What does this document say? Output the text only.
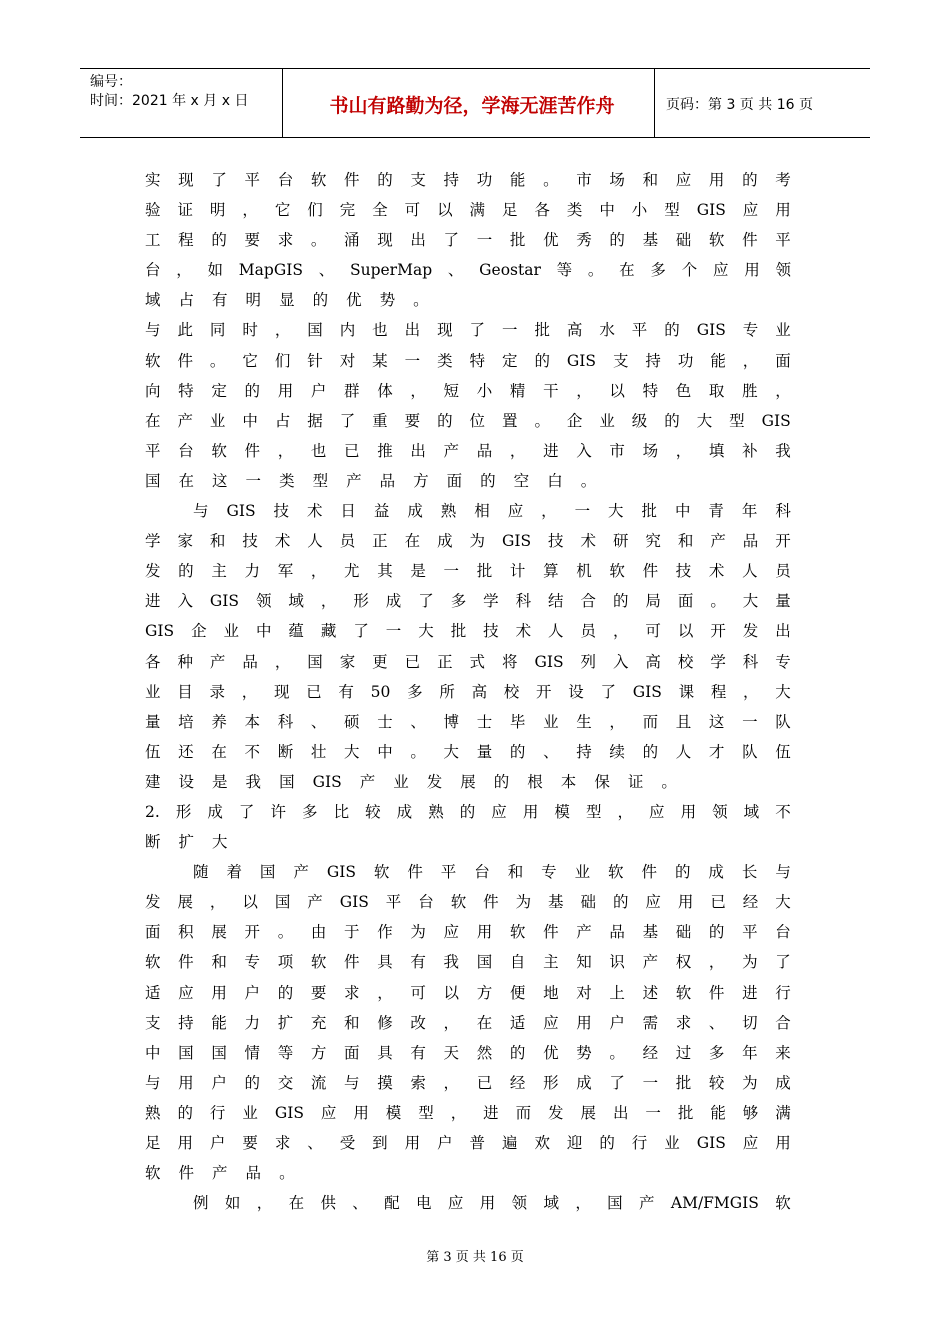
编号：
时间：2021 年 x 月 x 日	书山有路勤为径，学海无涯苦作舟	页码：第 3 页 共 16 页
实 现 了 平 台 软 件 的 支 持 功 能 。 市 场 和 应 用 的 考
验 证 明 ， 它 们 完 全 可 以 满 足 各 类 中 小 型 GIS 应 用
工 程 的 要 求 。 涌 现 出 了 一 批 优 秀 的 基 础 软 件 平
台 ， 如 MapGIS 、 SuperMap 、 Geostar 等 。 在 多 个 应 用 领
域 占 有 明 显 的 优 势 。
与 此 同 时 ， 国 内 也 出 现 了 一 批 高 水 平 的 GIS 专 业
软 件 。 它 们 针 对 某 一 类 特 定 的 GIS 支 持 功 能 ， 面
向 特 定 的 用 户 群 体 ， 短 小 精 干 ， 以 特 色 取 胜 ，
在 产 业 中 占 据 了 重 要 的 位 置 。 企 业 级 的 大 型 GIS
平 台 软 件 ， 也 已 推 出 产 品 ， 进 入 市 场 ， 填 补 我
国 在 这 一 类 型 产 品 方 面 的 空 白 。
与 GIS 技 术 日 益 成 熟 相 应 ， 一 大 批 中 青 年 科
学 家 和 技 术 人 员 正 在 成 为 GIS 技 术 研 究 和 产 品 开
发 的 主 力 军 ， 尤 其 是 一 批 计 算 机 软 件 技 术 人 员
进 入 GIS 领 域 ， 形 成 了 多 学 科 结 合 的 局 面 。 大 量
GIS 企 业 中 蕴 藏 了 一 大 批 技 术 人 员 ， 可 以 开 发 出
各 种 产 品 ， 国 家 更 已 正 式 将 GIS 列 入 高 校 学 科 专
业 目 录 ， 现 已 有 50 多 所 高 校 开 设 了 GIS 课 程 ， 大
量 培 养 本 科 、 硕 士 、 博 士 毕 业 生 ， 而 且 这 一 队
伍 还 在 不 断 壮 大 中 。 大 量 的 、 持 续 的 人 才 队 伍
建 设 是 我 国 GIS 产 业 发 展 的 根 本 保 证 。
2. 形 成 了 许 多 比 较 成 熟 的 应 用 模 型 ， 应 用 领 域 不
断 扩 大
随 着 国 产 GIS 软 件 平 台 和 专 业 软 件 的 成 长 与
发 展 ， 以 国 产 GIS 平 台 软 件 为 基 础 的 应 用 已 经 大
面 积 展 开 。 由 于 作 为 应 用 软 件 产 品 基 础 的 平 台
软 件 和 专 项 软 件 具 有 我 国 自 主 知 识 产 权 ， 为 了
适 应 用 户 的 要 求 ， 可 以 方 便 地 对 上 述 软 件 进 行
支 持 能 力 扩 充 和 修 改 ， 在 适 应 用 户 需 求 、 切 合
中 国 国 情 等 方 面 具 有 天 然 的 优 势 。 经 过 多 年 来
与 用 户 的 交 流 与 摸 索 ， 已 经 形 成 了 一 批 较 为 成
熟 的 行 业 GIS 应 用 模 型 ， 进 而 发 展 出 一 批 能 够 满
足 用 户 要 求 、 受 到 用 户 普 遍 欢 迎 的 行 业 GIS 应 用
软 件 产 品 。
例 如 ， 在 供 、 配 电 应 用 领 域 ， 国 产 AM/FMGIS 软
第 3 页 共 16 页
